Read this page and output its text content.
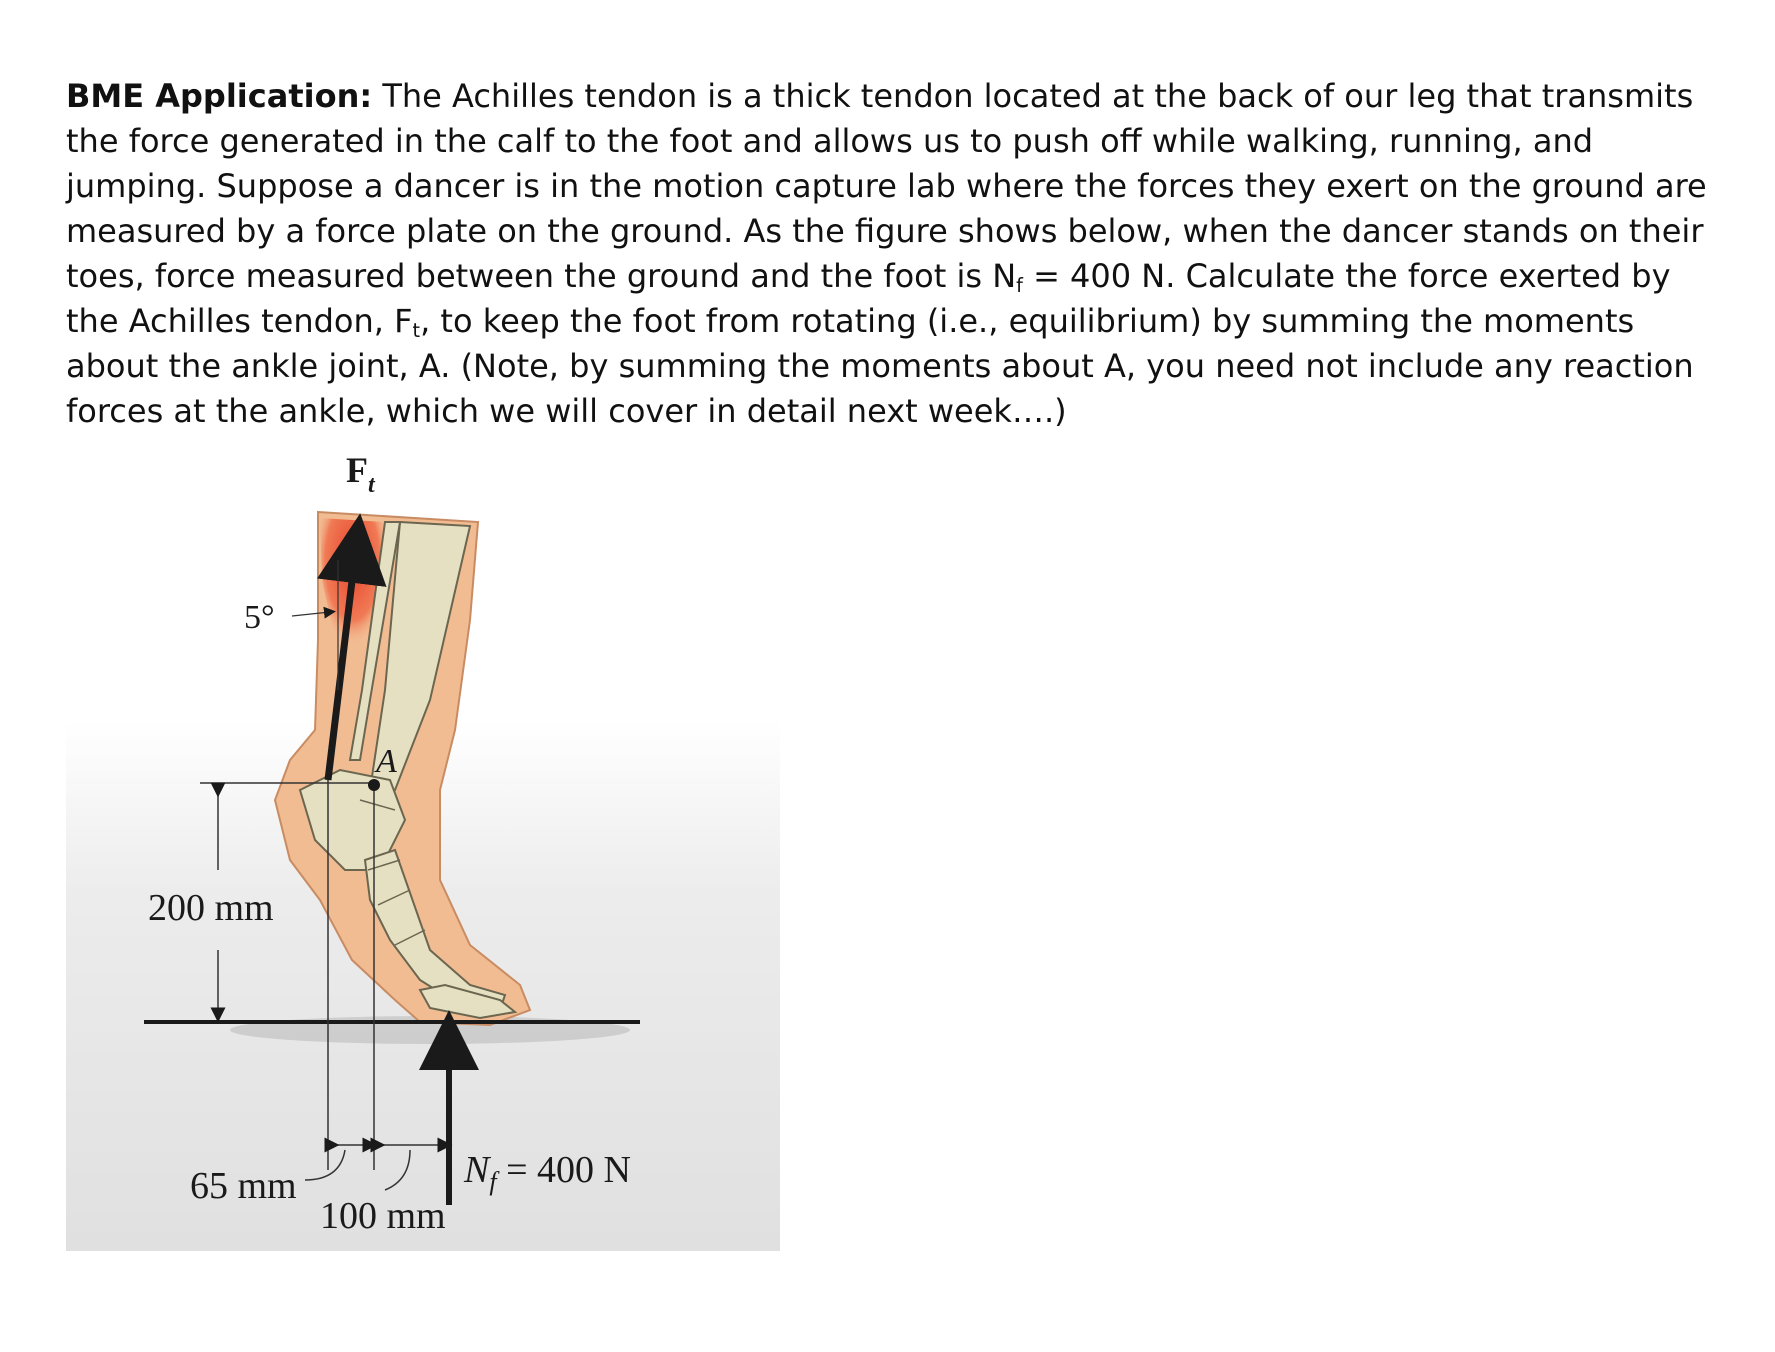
BME Application: The Achilles tendon is a thick tendon located at the back of our leg that transmits the force generated in the calf to the foot and allows us to push off while walking, running, and jumping. Suppose a dancer is in the motion capture lab where the forces they exert on the ground are measured by a force plate on the ground. As the figure shows below, when the dancer stands on their toes, force measured between the ground and the foot is $N_f = 400$ N. Calculate the force exerted by the Achilles tendon, $F_t$, to keep the foot from rotating (i.e., equilibrium) by summing the moments about the ankle joint, A. (Note, by summing the moments about A, you need not include any reaction forces at the ankle, which we will cover in detail next week….)

$F_t$
5°
A
200 mm
65 mm
100 mm
$N_f = 400$ N
